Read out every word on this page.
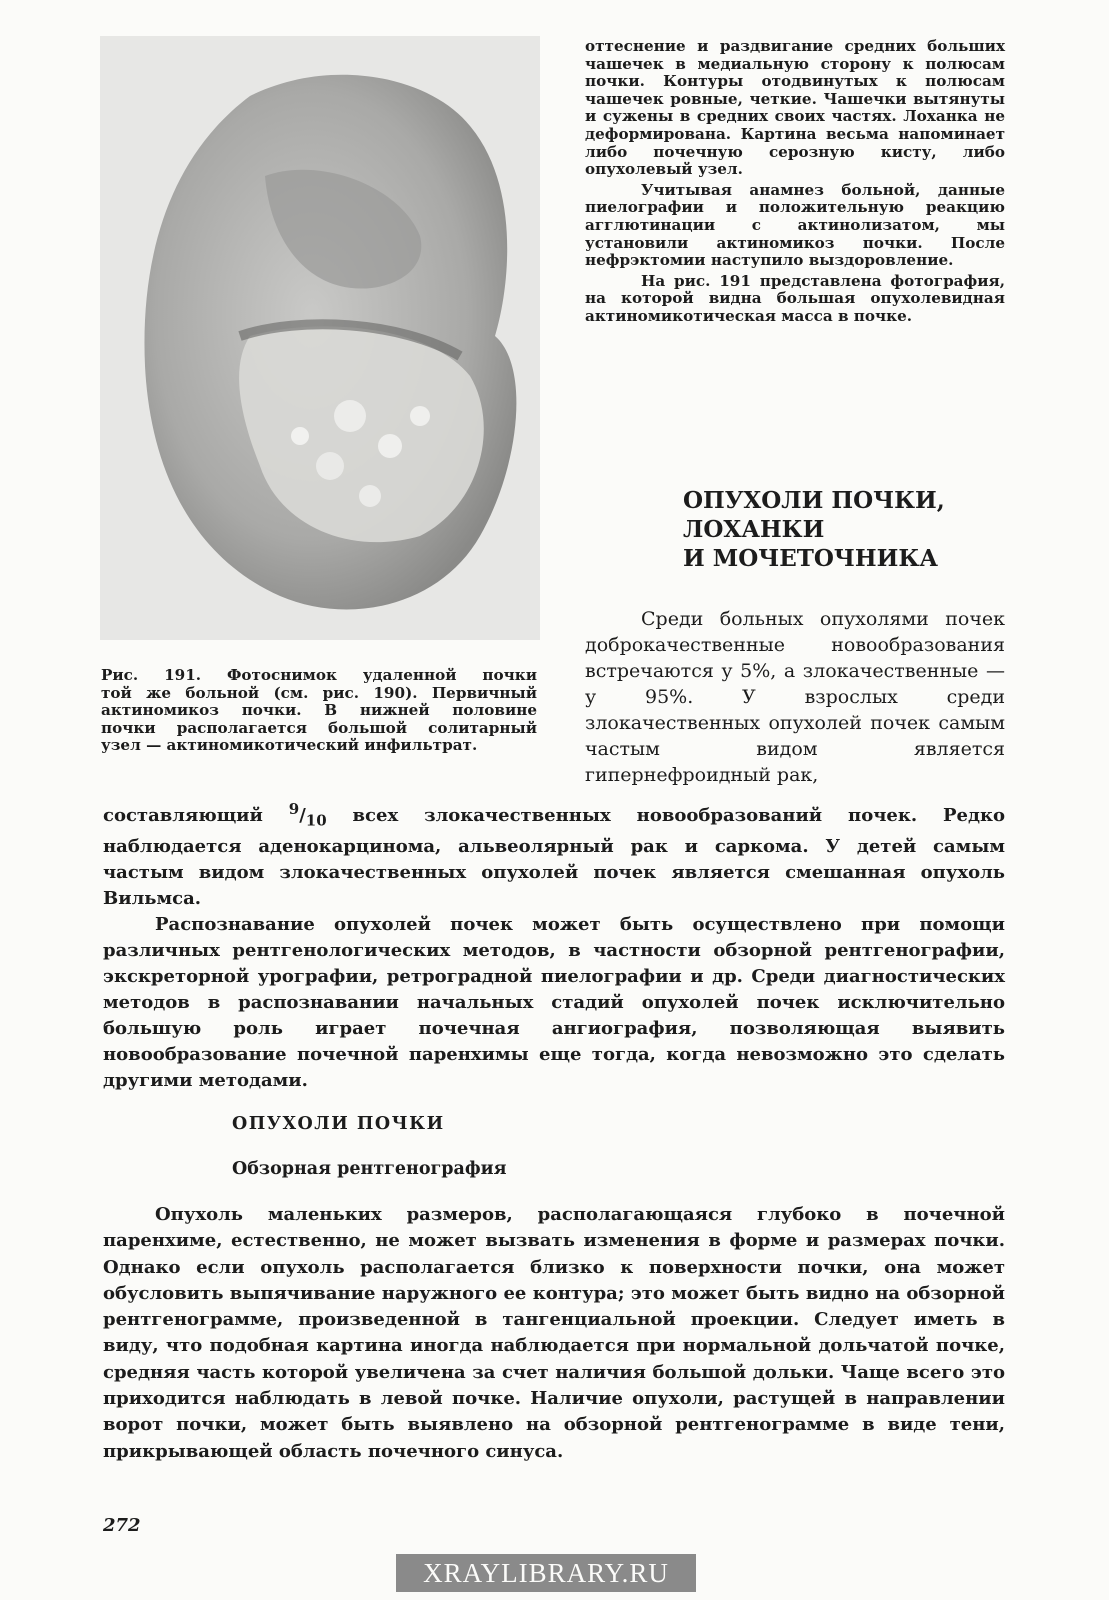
Рис. 191. Фотоснимок удаленной почки

той же больной (см. рис. 190). Первичный

актиномикоз почки. В нижней половине

почки располагается большой солитарный

узел — актиномикотический инфильтрат.

оттеснение и раздвигание средних больших чашечек в медиальную сторону к полюсам почки. Контуры отодвинутых к полюсам чашечек ровные, четкие. Чашечки вытянуты и сужены в средних своих частях. Лоханка не деформирована. Картина весьма напоминает либо почечную серозную кисту, либо опухолевый узел.

Учитывая анамнез больной, данные пиелографии и положительную реакцию агглютинации с актинолизатом, мы установили актиномикоз почки. После нефрэктомии наступило выздоровление.

На рис. 191 представлена фотография, на которой видна большая опухолевидная актиномикотическая масса в почке.

ОПУХОЛИ ПОЧКИ,
ЛОХАНКИ
И МОЧЕТОЧНИКА

Среди больных опухолями почек доброкачественные новообразования встречаются у 5%, а злокачественные — у 95%. У взрослых среди злокачественных опухолей почек самым частым видом является гипернефроидный рак,

составляющий $^9/_{10}$ всех злокачественных новообразований почек. Редко наблюдается аденокарцинома, альвеолярный рак и саркома. У детей самым частым видом злокачественных опухолей почек является смешанная опухоль Вильмса.

Распознавание опухолей почек может быть осуществлено при помощи различных рентгенологических методов, в частности обзорной рентгенографии, экскреторной урографии, ретроградной пиелографии и др. Среди диагностических методов в распознавании начальных стадий опухолей почек исключительно большую роль играет почечная ангиография, позволяющая выявить новообразование почечной паренхимы еще тогда, когда невозможно это сделать другими методами.

ОПУХОЛИ ПОЧКИ
Обзорная рентгенография

Опухоль маленьких размеров, располагающаяся глубоко в почечной паренхиме, естественно, не может вызвать изменения в форме и размерах почки. Однако если опухоль располагается близко к поверхности почки, она может обусловить выпячивание наружного ее контура; это может быть видно на обзорной рентгенограмме, произведенной в тангенциальной проекции. Следует иметь в виду, что подобная картина иногда наблюдается при нормальной дольчатой почке, средняя часть которой увеличена за счет наличия большой дольки. Чаще всего это приходится наблюдать в левой почке. Наличие опухоли, растущей в направлении ворот почки, может быть выявлено на обзорной рентгенограмме в виде тени, прикрывающей область почечного синуса.

272
XRAYLIBRARY.RU
